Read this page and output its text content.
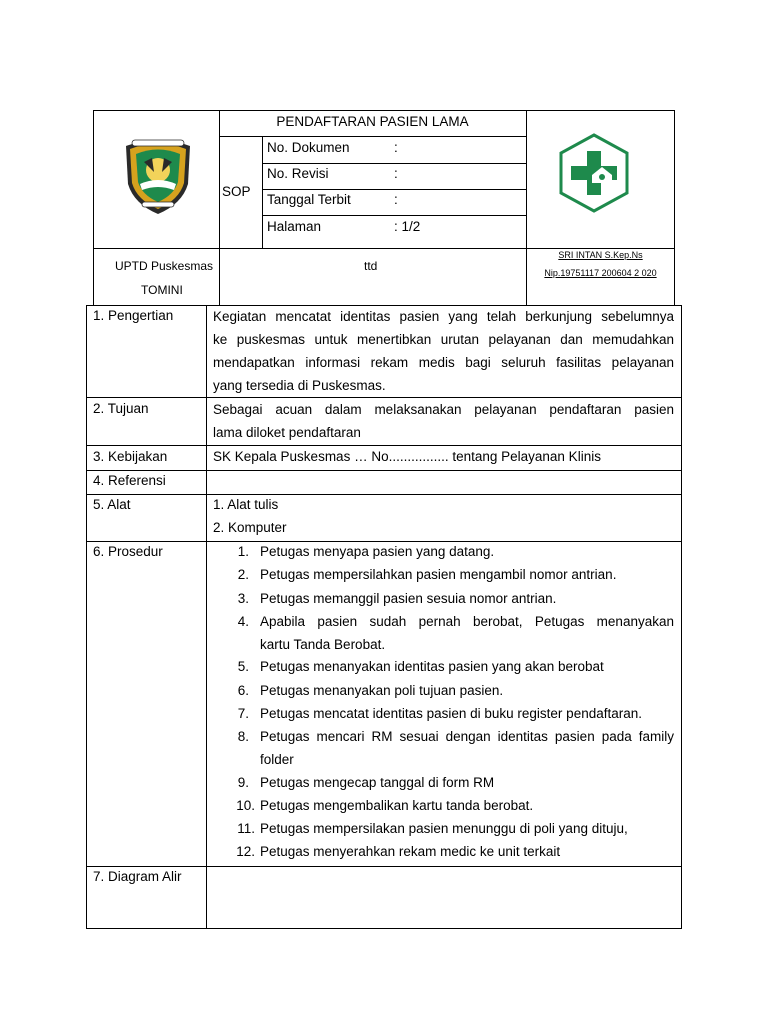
PENDAFTARAN PASIEN LAMA
SOP
No. Dokumen	:
No. Revisi	:
Tanggal Terbit	:
Halaman	: 1/2
UPTD Puskesmas
TOMINI
ttd
SRI INTAN S.Kep.Ns
Nip.19751117 200604 2 020
1. Pengertian	Kegiatan mencatat identitas pasien yang telah berkunjung sebelumnya
ke puskesmas untuk menertibkan urutan pelayanan dan memudahkan
mendapatkan informasi rekam medis bagi seluruh fasilitas pelayanan
yang tersedia di Puskesmas.
2. Tujuan	Sebagai acuan dalam melaksanakan pelayanan pendaftaran pasien
lama diloket pendaftaran
3. Kebijakan	SK Kepala Puskesmas … No................ tentang Pelayanan Klinis
4. Referensi
5. Alat	1. Alat tulis
2. Komputer
6. Prosedur	1. Petugas menyapa pasien yang datang.
2. Petugas mempersilahkan pasien mengambil nomor antrian.
3. Petugas memanggil pasien sesuia nomor antrian.
4. Apabila pasien sudah pernah berobat, Petugas menanyakan
kartu Tanda Berobat.
5. Petugas menanyakan identitas pasien yang akan berobat
6. Petugas menanyakan poli tujuan pasien.
7. Petugas mencatat identitas pasien di buku register pendaftaran.
8. Petugas mencari RM sesuai dengan identitas pasien pada family
folder
9. Petugas mengecap tanggal di form RM
10. Petugas mengembalikan kartu tanda berobat.
11. Petugas mempersilakan pasien menunggu di poli yang dituju,
12. Petugas menyerahkan rekam medic ke unit terkait
7. Diagram Alir
